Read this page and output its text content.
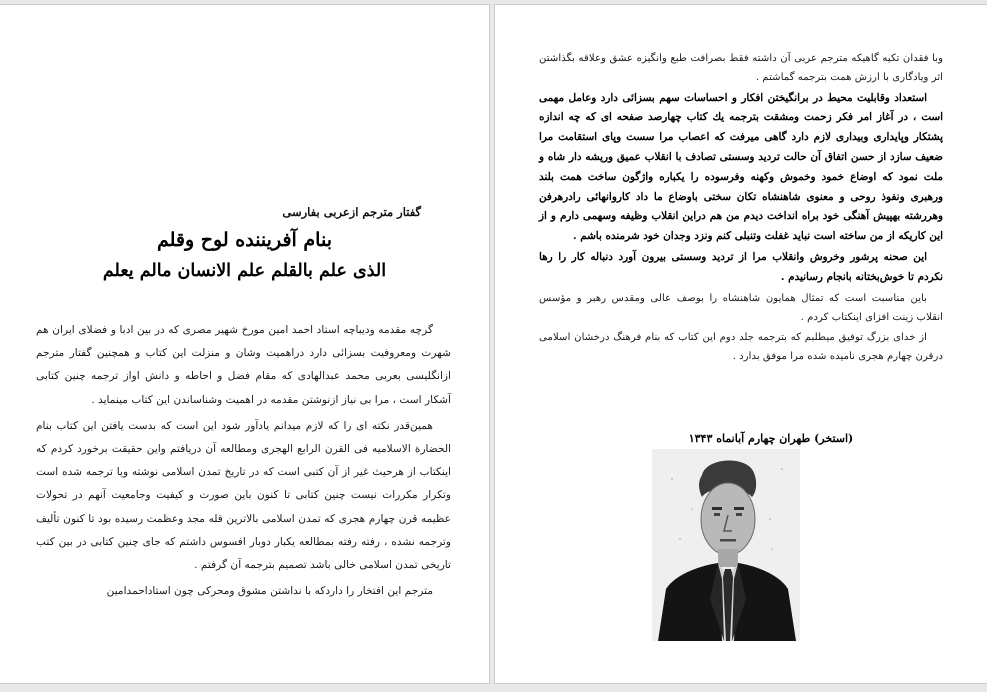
گفتار مترجم ازعربی بفارسی
بنام آفریننده لوح وقلم
الذی علم بالقلم علم الانسان مالم یعلم

گرچه مقدمه ودیباچه استاد احمد امین مورخ شهیر مصری که در بین ادبا و فضلای ایران هم شهرت ومعروفیت بسزائی دارد دراهمیت وشان و منزلت این کتاب و همچنین گفتار مترجم ازانگلیسی بعربی محمد عبدالهادی که مقام فضل و احاطه و دانش اواز ترجمه چنین کتابی آشکار است ، مرا بی نیاز ازنوشتن مقدمه در اهمیت وشناساندن این کتاب مینماید .

همین‌قدر نکته ای را که لازم میدانم یادآور شود این است که بدست یافتن این کتاب بنام الحضارة الاسلامیه فی القرن الرابع الهجری ومطالعه آن دریافتم واین حقیقت برخورد کردم که اینکتاب از هرحیث غیر از آن کتبی است که در تاریخ تمدن اسلامی نوشته ویا ترجمه شده است وتکرار مکررات نیست چنین کتابی تا کنون باین صورت و کیفیت وجامعیت آنهم در تحولات عظیمه قرن چهارم هجری که تمدن اسلامی بالاترین قله مجد وعظمت رسیده بود تا کنون تألیف وترجمه نشده ، رفته رفته بمطالعه یکبار دوبار افسوس داشتم که جای چنین کتابی در بین کتب تاریخی تمدن اسلامی خالی باشد تصمیم بترجمه آن گرفتم .

مترجم این افتخار را داردکه با نداشتن مشوق ومحرکی چون استاداحمدامین

وبا فقدان تکیه گاهیکه مترجم عربی آن داشته فقط بصرافت طبع وانگیزه عشق وعلاقه بگذاشتن اثر ویادگاری با ارزش همت بترجمه گماشتم .

استعداد وقابلیت محیط در برانگیختن افکار و احساسات سهم بسزائی دارد وعامل مهمی است ، در آغاز امر فکر زحمت ومشقت بترجمه یك کتاب چهارصد صفحه ای که چه اندازه پشتکار وپایداری وبیداری لازم دارد گاهی میرفت که اعصاب مرا سست وپای استقامت مرا ضعیف سازد از حسن اتفاق آن حالت تردید وسستی تصادف با انقلاب عمیق وریشه دار شاه و ملت نمود که اوضاع خمود وخموش وکهنه وفرسوده را یکباره واژگون ساخت همت بلند ورهبری ونفوذ روحی و معنوی شاهنشاه تکان سختی باوضاع ما داد کاروانهائی رادرهرفن وهررشته بهپیش آهنگی خود براه انداخت دیدم من هم دراین انقلاب وظیفه وسهمی دارم و از این کاریکه از من ساخته است نباید غفلت وتنبلی کنم ونزد وجدان خود شرمنده باشم .

این صحنه پرشور وخروش وانقلاب مرا از تردید وسستی بیرون آورد دنباله کار را رها نکردم تا خوش‌بختانه بانجام رسانیدم .

باین مناسبت است که تمثال همایون شاهنشاه را بوصف عالی ومقدس رهبر و مؤسس انقلاب زینت افزای اینکتاب کردم .

از خدای بزرگ توفیق میطلبم که بترجمه جلد دوم این کتاب که بنام فرهنگ درخشان اسلامی درقرن چهارم هجری نامیده شده مرا موفق بدارد .

(استخر) طهران چهارم آبانماه ۱۳۴۳
